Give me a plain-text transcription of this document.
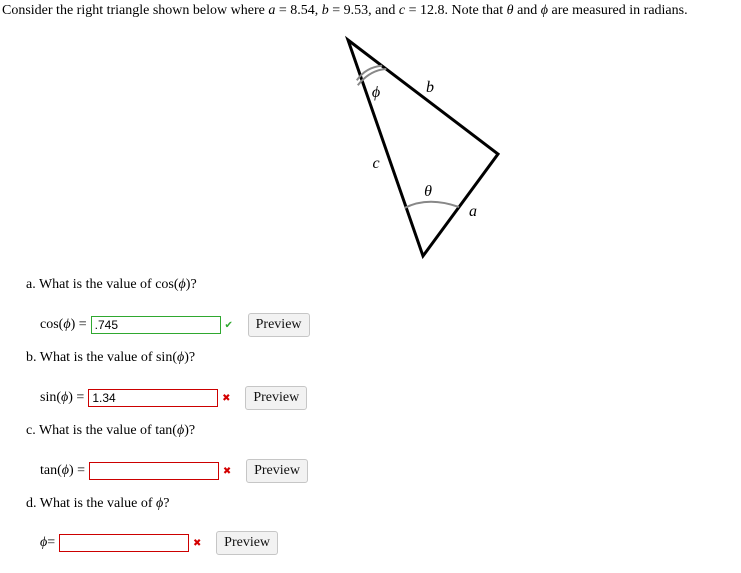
Consider the right triangle shown below where a = 8.54, b = 9.53, and c = 12.8. Note that θ and ϕ are measured in radians.
ϕ	b
c
θ
a
a. What is the value of cos(ϕ)?
cos( ϕ ) =
.745	✔	Preview
b. What is the value of sin(ϕ)?
sin( ϕ ) =
1.34	✖	Preview
c. What is the value of tan(ϕ)?
tan( ϕ ) =	✖	Preview
d. What is the value of ϕ?
ϕ =	✖	Preview
